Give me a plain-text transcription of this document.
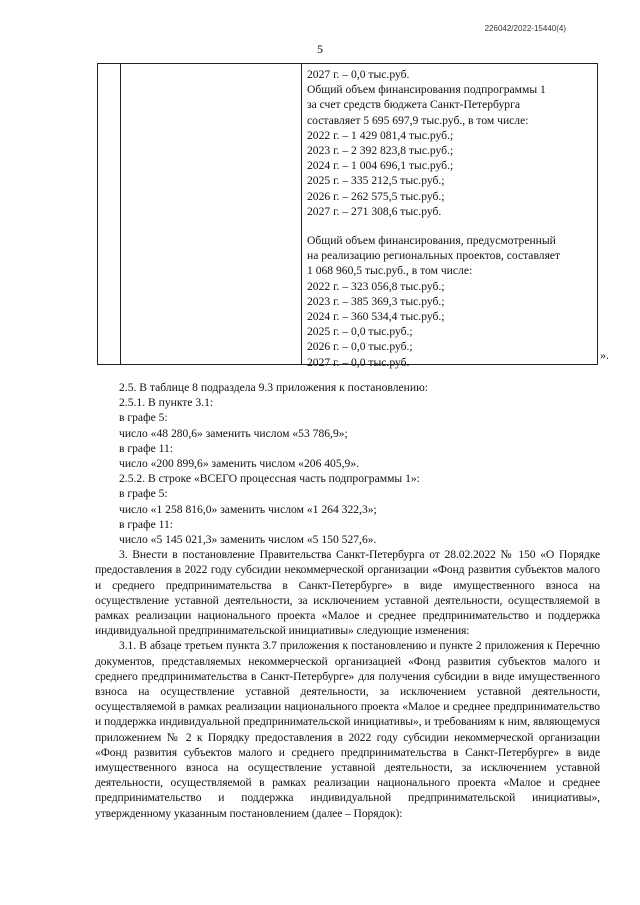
226042/2022-15440(4)
5
2027 г. – 0,0 тыс.руб.
Общий объем финансирования подпрограммы 1
за счет средств бюджета Санкт-Петербурга
составляет 5 695 697,9 тыс.руб., в том числе:
2022 г. – 1 429 081,4 тыс.руб.;
2023 г. – 2 392 823,8 тыс.руб.;
2024 г. – 1 004 696,1 тыс.руб.;
2025 г. – 335 212,5 тыс.руб.;
2026 г. – 262 575,5 тыс.руб.;
2027 г. – 271 308,6 тыс.руб.
Общий объем финансирования, предусмотренный
на реализацию региональных проектов, составляет
1 068 960,5 тыс.руб., в том числе:
2022 г. – 323 056,8 тыс.руб.;
2023 г. – 385 369,3 тыс.руб.;
2024 г. – 360 534,4 тыс.руб.;
2025 г. – 0,0 тыс.руб.;
2026 г. – 0,0 тыс.руб.;
2027 г. – 0,0 тыс.руб.
».

2.5. В таблице 8 подраздела 9.3 приложения к постановлению:

2.5.1. В пункте 3.1:

в графе 5:

число «48 280,6» заменить числом «53 786,9»;

в графе 11:

число «200 899,6» заменить числом «206 405,9».

2.5.2. В строке «ВСЕГО процессная часть подпрограммы 1»:

в графе 5:

число «1 258 816,0» заменить числом «1 264 322,3»;

в графе 11:

число «5 145 021,3» заменить числом «5 150 527,6».

3. Внести в постановление Правительства Санкт-Петербурга от 28.02.2022 № 150 «О Порядке предоставления в 2022 году субсидии некоммерческой организации «Фонд развития субъектов малого и среднего предпринимательства в Санкт-Петербурге» в виде имущественного взноса на осуществление уставной деятельности, за исключением уставной деятельности, осуществляемой в рамках реализации национального проекта «Малое и среднее предпринимательство и поддержка индивидуальной предпринимательской инициативы» следующие изменения:

3.1. В абзаце третьем пункта 3.7 приложения к постановлению и пункте 2 приложения к Перечню документов, представляемых некоммерческой организацией «Фонд развития субъектов малого и среднего предпринимательства в Санкт-Петербурге» для получения субсидии в виде имущественного взноса на осуществление уставной деятельности, за исключением уставной деятельности, осуществляемой в рамках реализации национального проекта «Малое и среднее предпринимательство и поддержка индивидуальной предпринимательской инициативы», и требованиям к ним, являющемуся приложением № 2 к Порядку предоставления в 2022 году субсидии некоммерческой организации «Фонд развития субъектов малого и среднего предпринимательства в Санкт-Петербурге» в виде имущественного взноса на осуществление уставной деятельности, за исключением уставной деятельности, осуществляемой в рамках реализации национального проекта «Малое и среднее предпринимательство и поддержка индивидуальной предпринимательской инициативы», утвержденному указанным постановлением (далее – Порядок):
